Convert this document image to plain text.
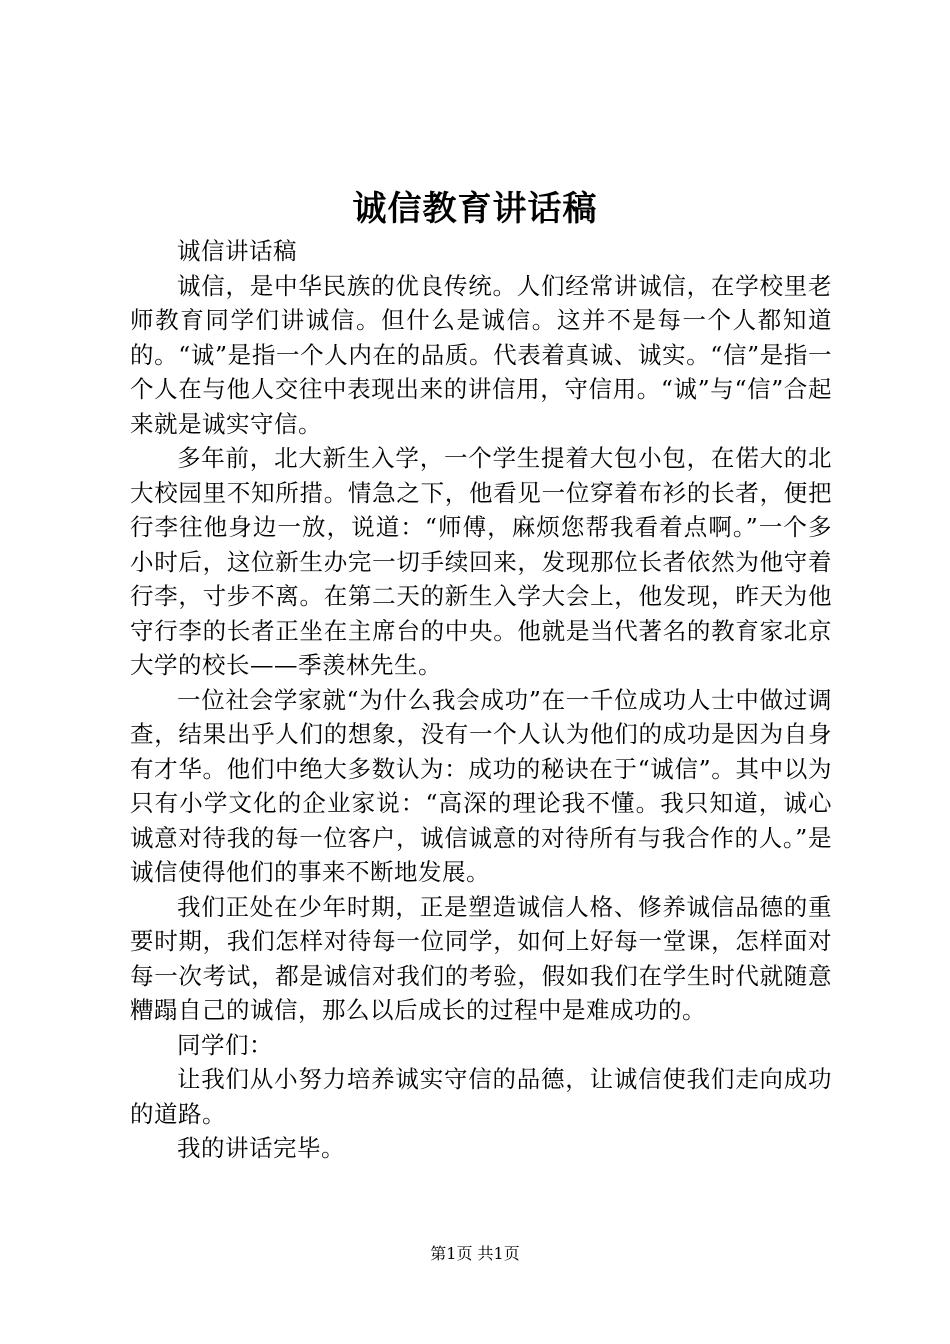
诚信教育讲话稿

诚信讲话稿

诚信，是中华民族的优良传统。人们经常讲诚信，在学校里老师教育同学们讲诚信。但什么是诚信。这并不是每一个人都知道的。“诚”是指一个人内在的品质。代表着真诚、诚实。“信”是指一个人在与他人交往中表现出来的讲信用，守信用。“诚”与“信”合起来就是诚实守信。

多年前，北大新生入学，一个学生提着大包小包，在偌大的北大校园里不知所措。情急之下，他看见一位穿着布衫的长者，便把行李往他身边一放，说道：“师傅，麻烦您帮我看着点啊。”一个多小时后，这位新生办完一切手续回来，发现那位长者依然为他守着行李，寸步不离。在第二天的新生入学大会上，他发现，昨天为他守行李的长者正坐在主席台的中央。他就是当代著名的教育家北京大学的校长——季羡林先生。

一位社会学家就“为什么我会成功”在一千位成功人士中做过调查，结果出乎人们的想象，没有一个人认为他们的成功是因为自身有才华。他们中绝大多数认为：成功的秘诀在于“诚信”。其中以为只有小学文化的企业家说：“高深的理论我不懂。我只知道，诚心诚意对待我的每一位客户，诚信诚意的对待所有与我合作的人。”是诚信使得他们的事来不断地发展。

我们正处在少年时期，正是塑造诚信人格、修养诚信品德的重要时期，我们怎样对待每一位同学，如何上好每一堂课，怎样面对每一次考试，都是诚信对我们的考验，假如我们在学生时代就随意糟蹋自己的诚信，那么以后成长的过程中是难成功的。

同学们：

让我们从小努力培养诚实守信的品德，让诚信使我们走向成功的道路。

我的讲话完毕。

第1页 共1页
